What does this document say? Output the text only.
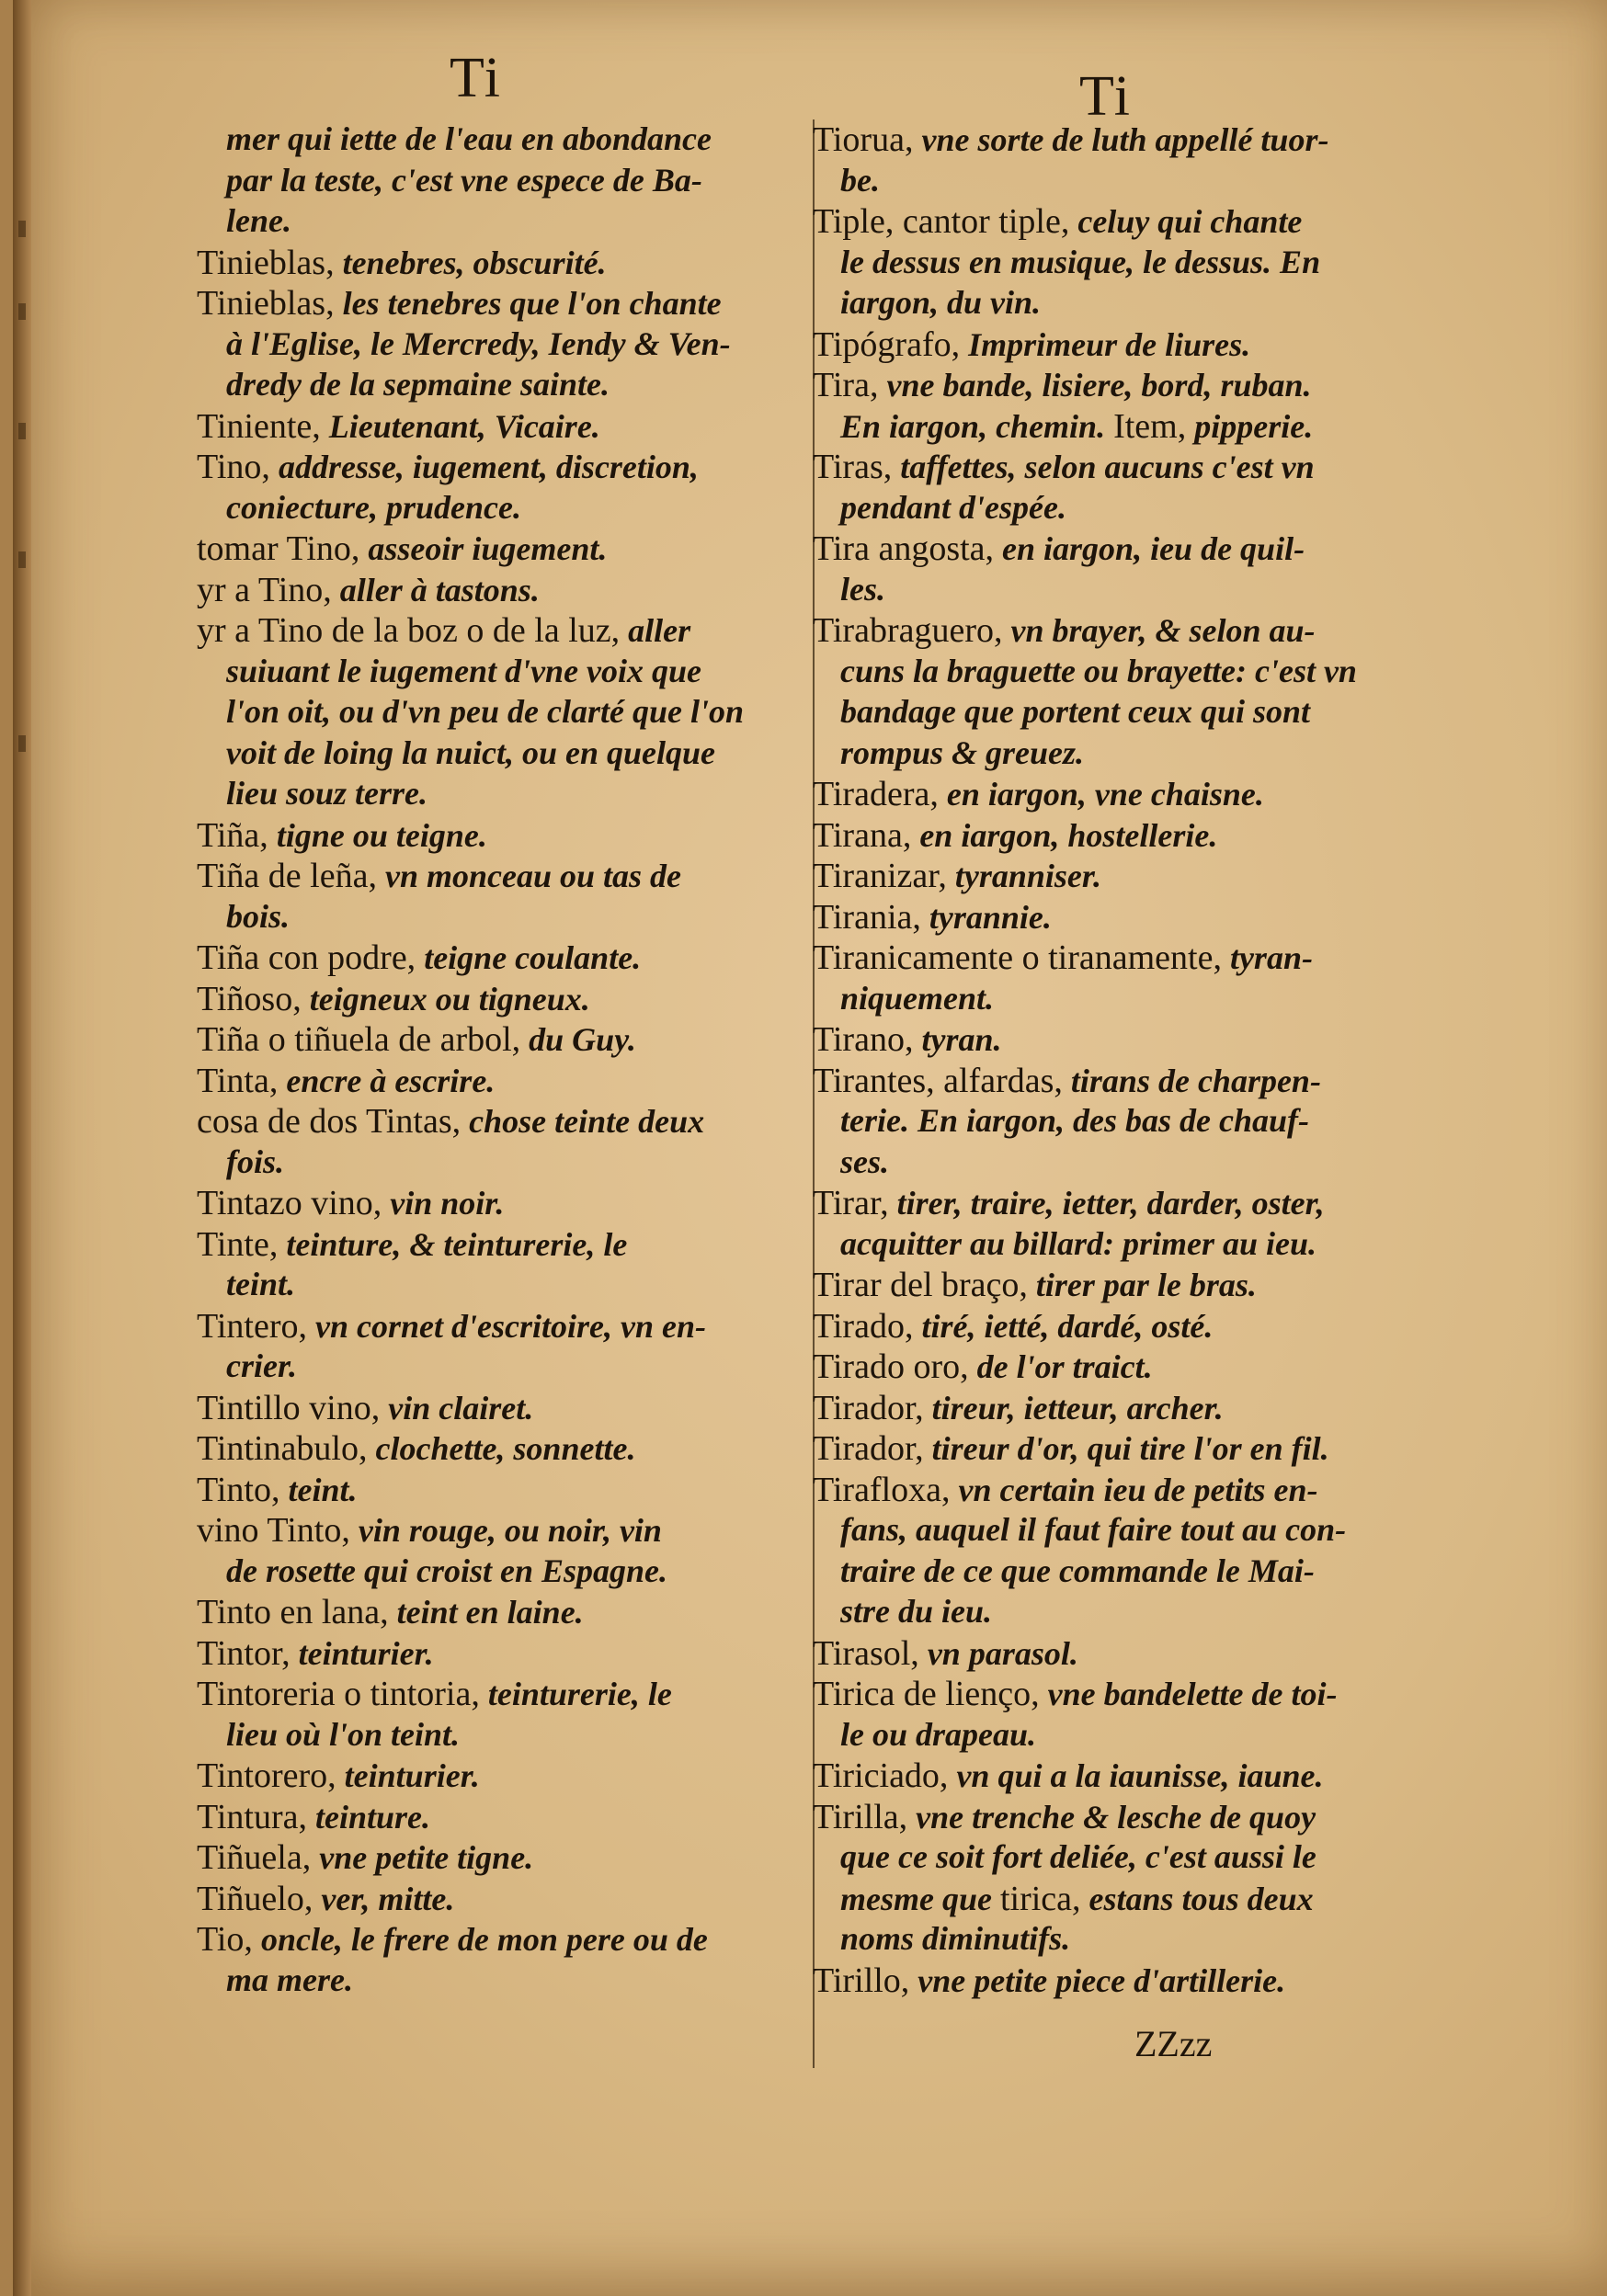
Ti	Ti
mer qui iette de l'eau en abondance
par la teste, c'est vne espece de Ba-
lene.
Tinieblas, tenebres, obscurité.
Tinieblas, les tenebres que l'on chante
à l'Eglise, le Mercredy, Iendy & Ven-
dredy de la sepmaine sainte.
Tiniente, Lieutenant, Vicaire.
Tino, addresse, iugement, discretion,
coniecture, prudence.
tomar Tino, asseoir iugement.
yr a Tino, aller à tastons.
yr a Tino de la boz o de la luz, aller
suiuant le iugement d'vne voix que
l'on oit, ou d'vn peu de clarté que l'on
voit de loing la nuict, ou en quelque
lieu souz terre.
Tiña, tigne ou teigne.
Tiña de leña, vn monceau ou tas de
bois.
Tiña con podre, teigne coulante.
Tiñoso, teigneux ou tigneux.
Tiña o tiñuela de arbol, du Guy.
Tinta, encre à escrire.
cosa de dos Tintas, chose teinte deux
fois.
Tintazo vino, vin noir.
Tinte, teinture, & teinturerie, le
teint.
Tintero, vn cornet d'escritoire, vn en-
crier.
Tintillo vino, vin clairet.
Tintinabulo, clochette, sonnette.
Tinto, teint.
vino Tinto, vin rouge, ou noir, vin
de rosette qui croist en Espagne.
Tinto en lana, teint en laine.
Tintor, teinturier.
Tintoreria o tintoria, teinturerie, le
lieu où l'on teint.
Tintorero, teinturier.
Tintura, teinture.
Tiñuela, vne petite tigne.
Tiñuelo, ver, mitte.
Tio, oncle, le frere de mon pere ou de
ma mere.
Tiorua, vne sorte de luth appellé tuor-
be.
Tiple, cantor tiple, celuy qui chante
le dessus en musique, le dessus. En
iargon, du vin.
Tipógrafo, Imprimeur de liures.
Tira, vne bande, lisiere, bord, ruban.
En iargon, chemin. Item, pipperie.
Tiras, taffettes, selon aucuns c'est vn
pendant d'espée.
Tira angosta, en iargon, ieu de quil-
les.
Tirabraguero, vn brayer, & selon au-
cuns la braguette ou brayette: c'est vn
bandage que portent ceux qui sont
rompus & greuez.
Tiradera, en iargon, vne chaisne.
Tirana, en iargon, hostellerie.
Tiranizar, tyranniser.
Tirania, tyrannie.
Tiranicamente o tiranamente, tyran-
niquement.
Tirano, tyran.
Tirantes, alfardas, tirans de charpen-
terie. En iargon, des bas de chauf-
ses.
Tirar, tirer, traire, ietter, darder, oster,
acquitter au billard: primer au ieu.
Tirar del braço, tirer par le bras.
Tirado, tiré, ietté, dardé, osté.
Tirado oro, de l'or traict.
Tirador, tireur, ietteur, archer.
Tirador, tireur d'or, qui tire l'or en fil.
Tirafloxa, vn certain ieu de petits en-
fans, auquel il faut faire tout au con-
traire de ce que commande le Mai-
stre du ieu.
Tirasol, vn parasol.
Tirica de lienço, vne bandelette de toi-
le ou drapeau.
Tiriciado, vn qui a la iaunisse, iaune.
Tirilla, vne trenche & lesche de quoy
que ce soit fort deliée, c'est aussi le
mesme que tirica, estans tous deux
noms diminutifs.
Tirillo, vne petite piece d'artillerie.
ZZzz
